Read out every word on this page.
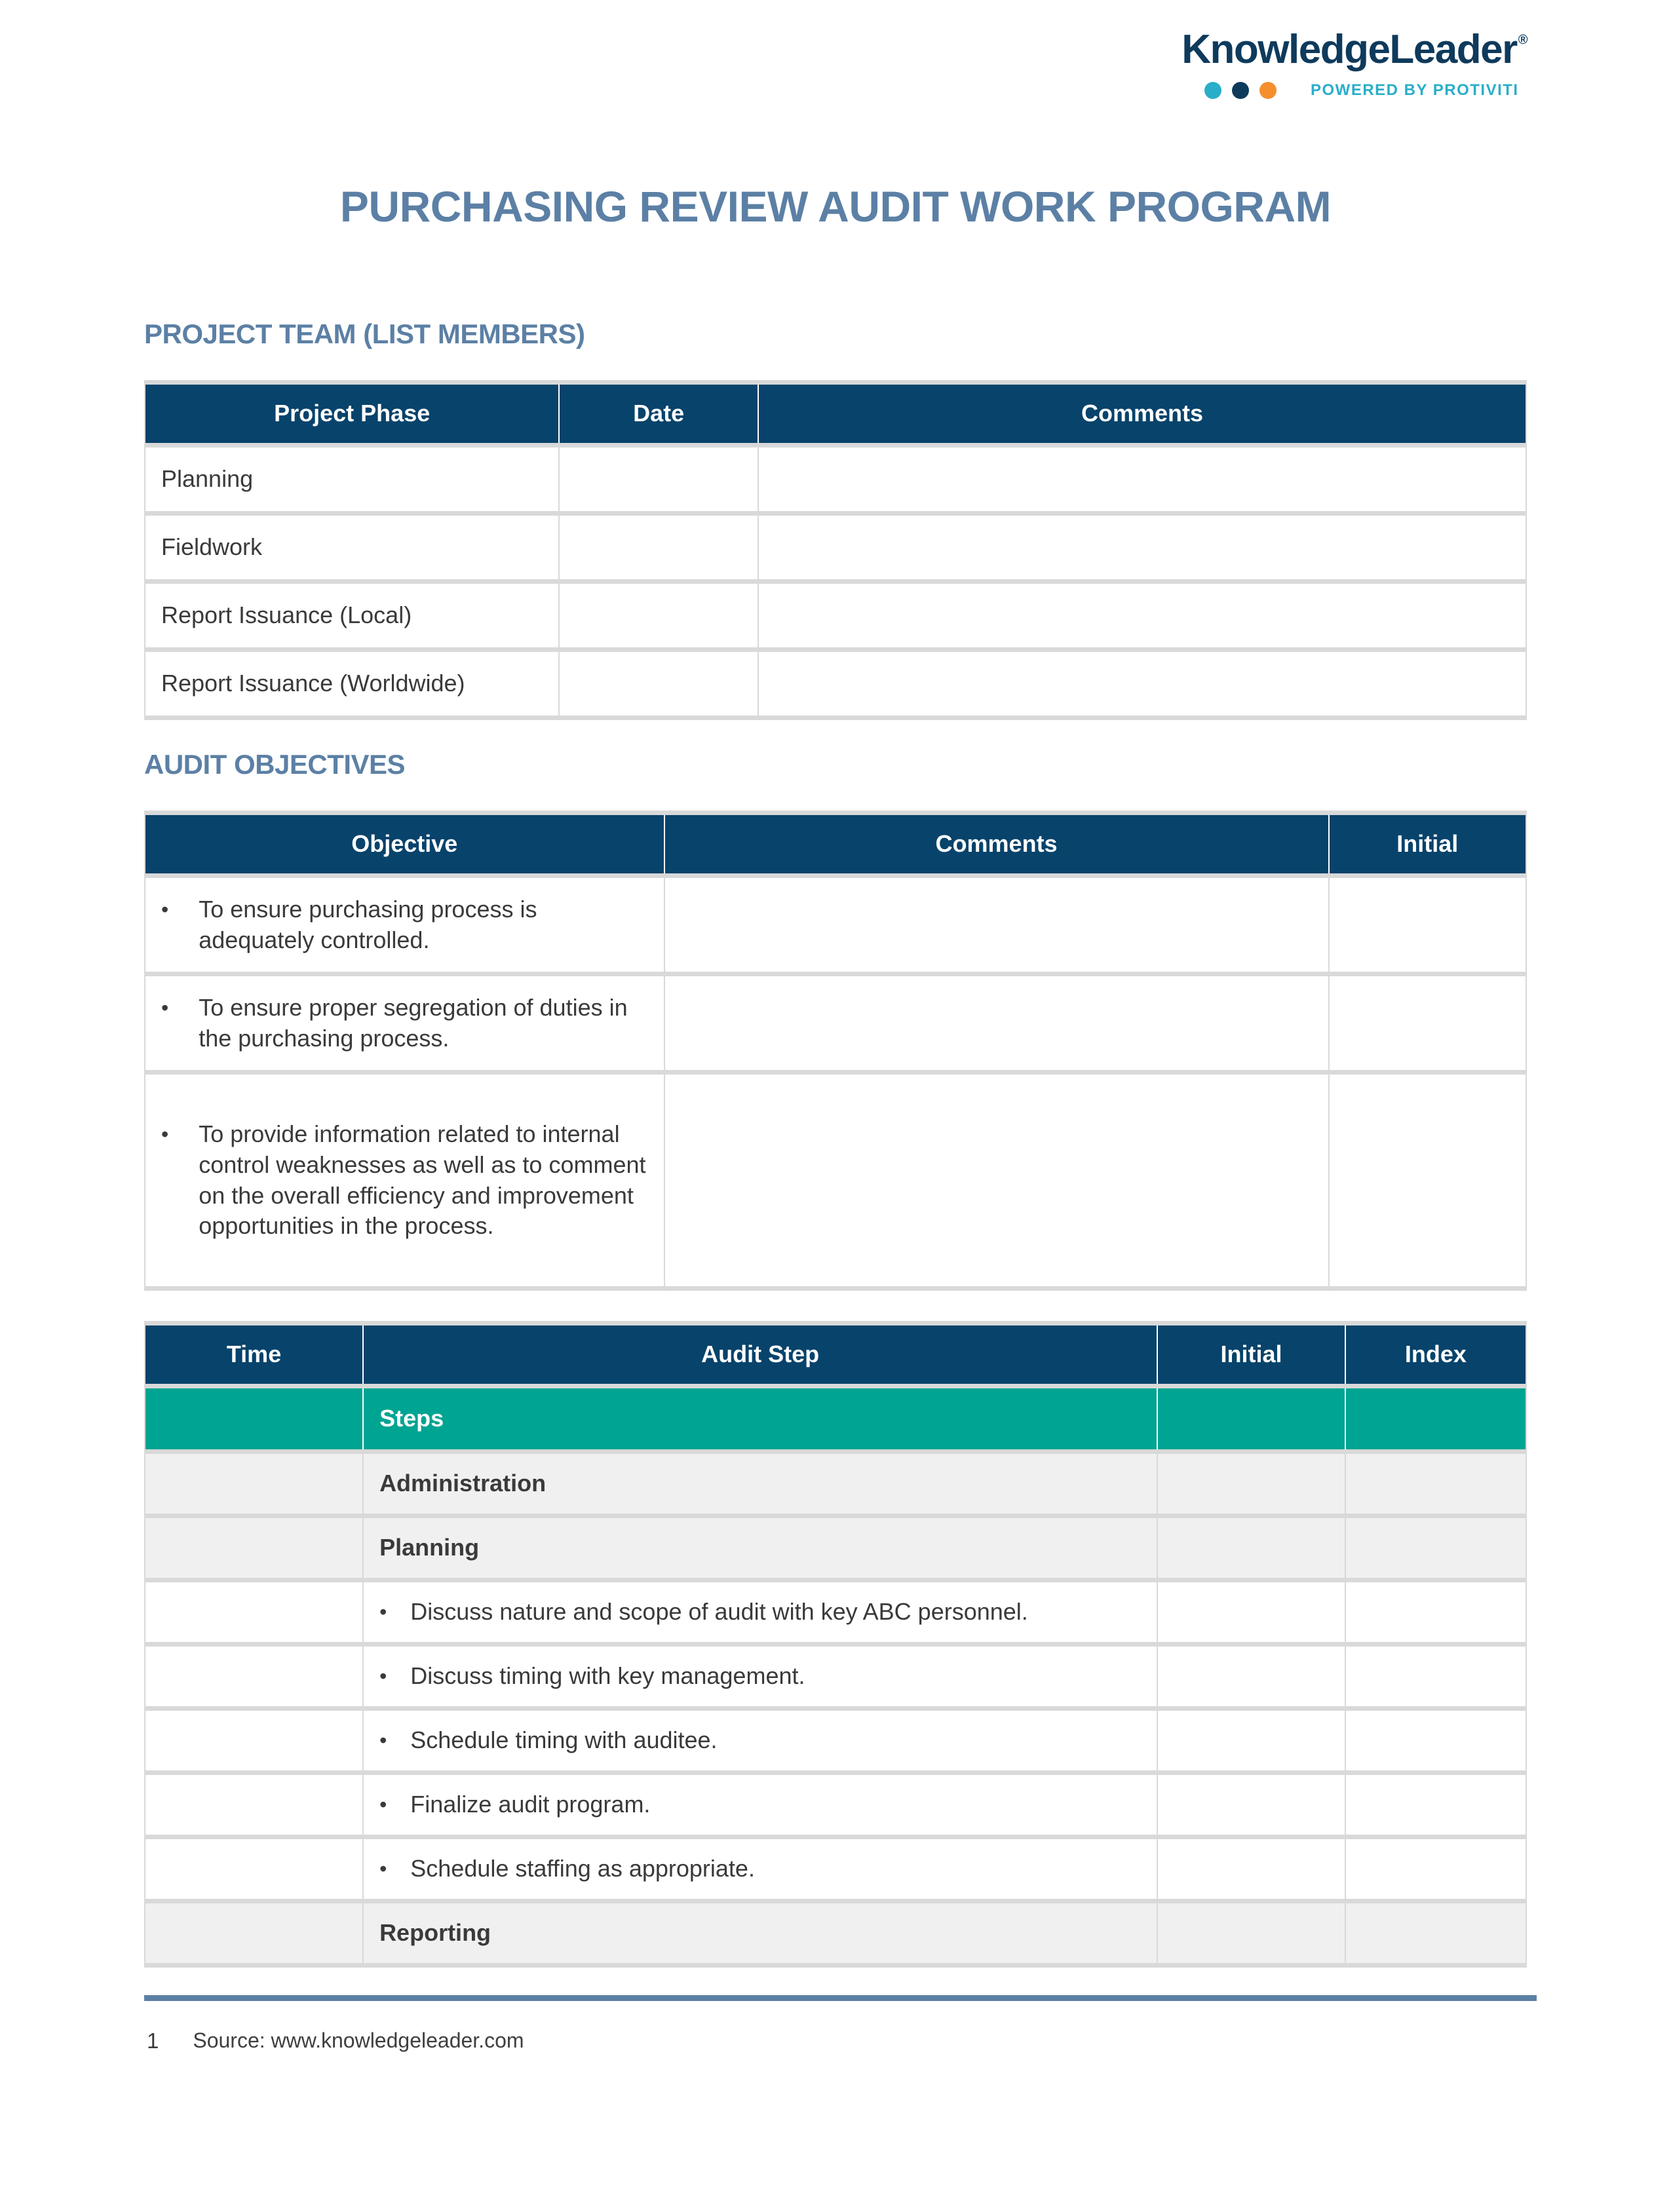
KnowledgeLeader ®
POWERED BY PROTIVITI
PURCHASING REVIEW AUDIT WORK PROGRAM
PROJECT TEAM (LIST MEMBERS)
Project Phase	Date	Comments
Planning		
Fieldwork		
Report Issuance (Local)		
Report Issuance (Worldwide)		
AUDIT OBJECTIVES
Objective	Comments	Initial

• To ensure purchasing process is adequately controlled.		

• To ensure proper segregation of duties in the purchasing process.		

• To provide information related to internal control weaknesses as well as to comment on the overall efficiency and improvement opportunities in the process.		

Time	Audit Step	Initial	Index
	Steps		
	Administration		
	Planning		

	• Discuss nature and scope of audit with key ABC personnel.		

	• Discuss timing with key management.		

	• Schedule timing with auditee.		

	• Finalize audit program.		

	• Schedule staffing as appropriate.		

	Reporting		
1 Source: www.knowledgeleader.com
